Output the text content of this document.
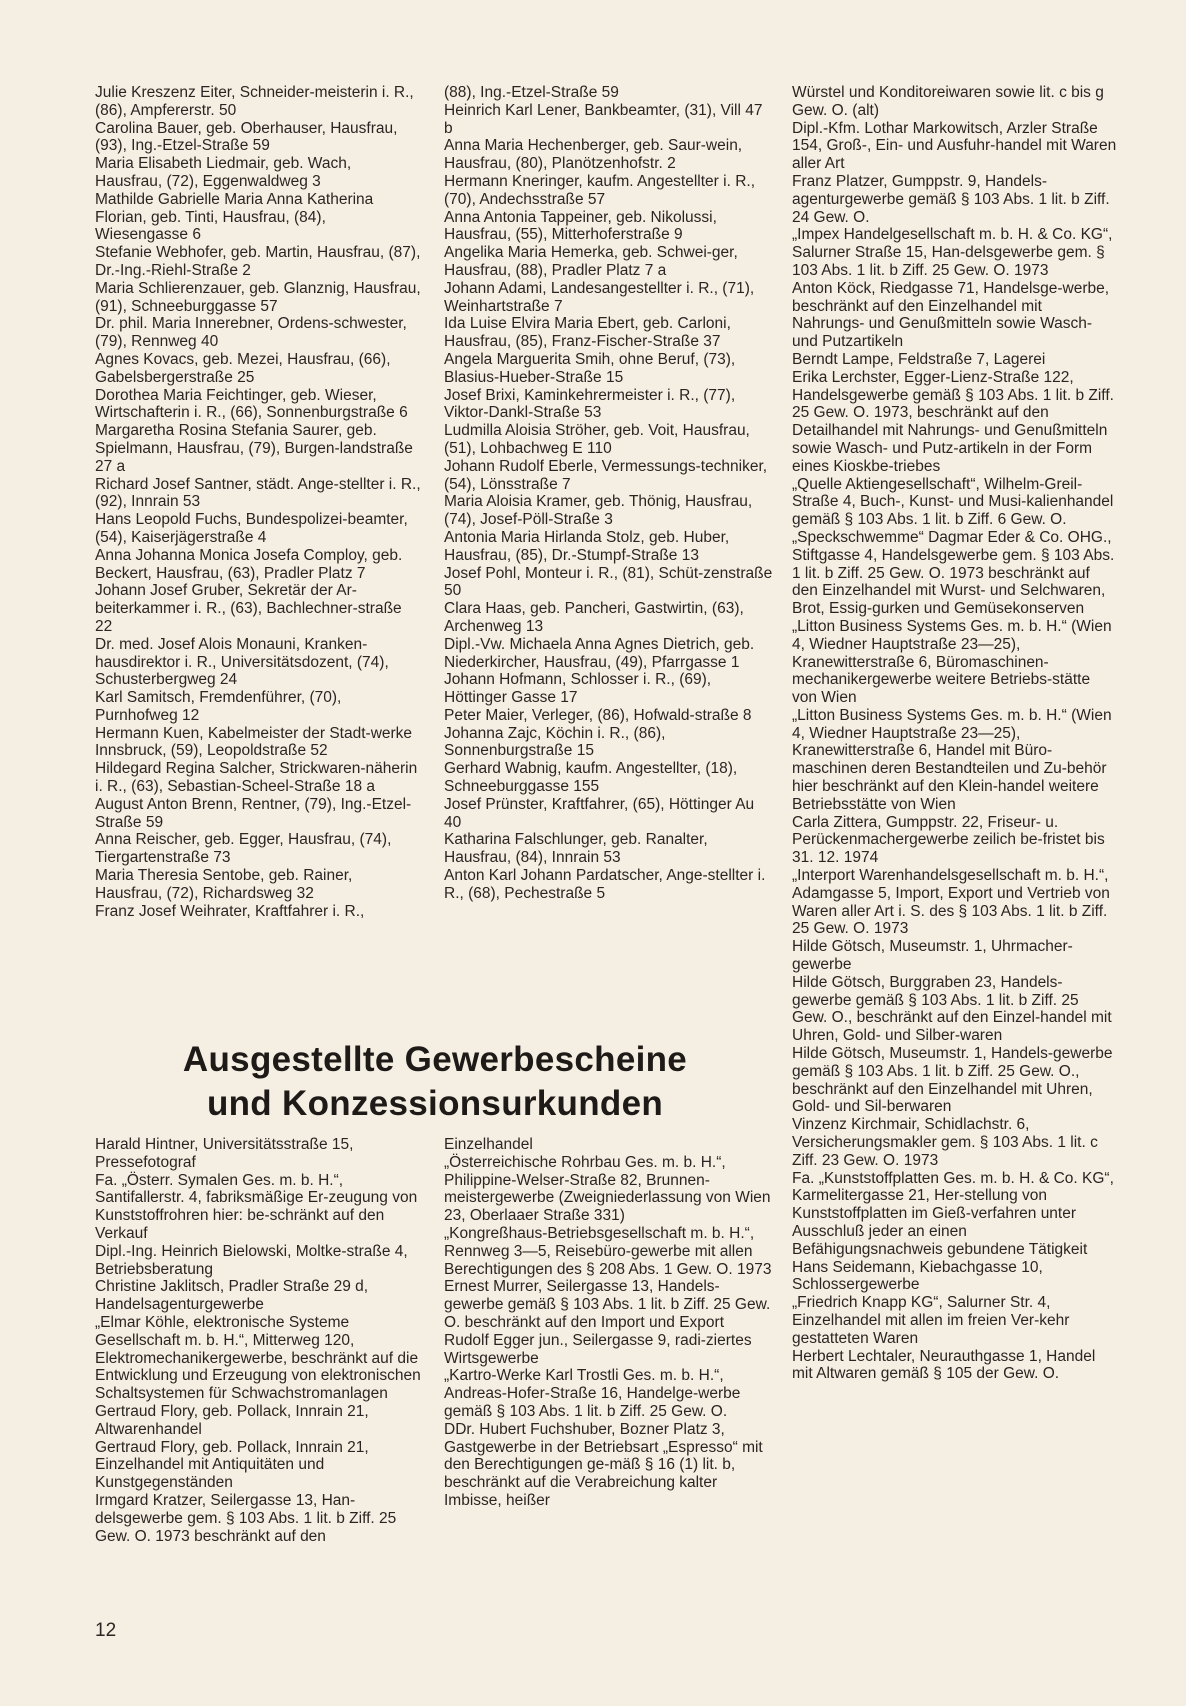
Julie Kreszenz Eiter, Schneider-meisterin i. R., (86), Ampfererstr. 50

Carolina Bauer, geb. Oberhauser, Hausfrau, (93), Ing.-Etzel-Straße 59

Maria Elisabeth Liedmair, geb. Wach, Hausfrau, (72), Eggenwaldweg 3

Mathilde Gabrielle Maria Anna Katherina Florian, geb. Tinti, Hausfrau, (84), Wiesengasse 6

Stefanie Webhofer, geb. Martin, Hausfrau, (87), Dr.-Ing.-Riehl-Straße 2

Maria Schlierenzauer, geb. Glanznig, Hausfrau, (91), Schneeburggasse 57

Dr. phil. Maria Innerebner, Ordens-schwester, (79), Rennweg 40

Agnes Kovacs, geb. Mezei, Hausfrau, (66), Gabelsbergerstraße 25

Dorothea Maria Feichtinger, geb. Wieser, Wirtschafterin i. R., (66), Sonnenburgstraße 6

Margaretha Rosina Stefania Saurer, geb. Spielmann, Hausfrau, (79), Burgen-landstraße 27 a

Richard Josef Santner, städt. Ange-stellter i. R., (92), Innrain 53

Hans Leopold Fuchs, Bundespolizei-beamter, (54), Kaiserjägerstraße 4

Anna Johanna Monica Josefa Comploy, geb. Beckert, Hausfrau, (63), Pradler Platz 7

Johann Josef Gruber, Sekretär der Ar-beiterkammer i. R., (63), Bachlechner-straße 22

Dr. med. Josef Alois Monauni, Kranken-hausdirektor i. R., Universitätsdozent, (74), Schusterbergweg 24

Karl Samitsch, Fremdenführer, (70), Purnhofweg 12

Hermann Kuen, Kabelmeister der Stadt-werke Innsbruck, (59), Leopoldstraße 52

Hildegard Regina Salcher, Strickwaren-näherin i. R., (63), Sebastian-Scheel-Straße 18 a

August Anton Brenn, Rentner, (79), Ing.-Etzel-Straße 59

Anna Reischer, geb. Egger, Hausfrau, (74), Tiergartenstraße 73

Maria Theresia Sentobe, geb. Rainer, Hausfrau, (72), Richardsweg 32

Franz Josef Weihrater, Kraftfahrer i. R.,

(88), Ing.-Etzel-Straße 59

Heinrich Karl Lener, Bankbeamter, (31), Vill 47 b

Anna Maria Hechenberger, geb. Saur-wein, Hausfrau, (80), Planötzenhofstr. 2

Hermann Kneringer, kaufm. Angestellter i. R., (70), Andechsstraße 57

Anna Antonia Tappeiner, geb. Nikolussi, Hausfrau, (55), Mitterhoferstraße 9

Angelika Maria Hemerka, geb. Schwei-ger, Hausfrau, (88), Pradler Platz 7 a

Johann Adami, Landesangestellter i. R., (71), Weinhartstraße 7

Ida Luise Elvira Maria Ebert, geb. Carloni, Hausfrau, (85), Franz-Fischer-Straße 37

Angela Marguerita Smih, ohne Beruf, (73), Blasius-Hueber-Straße 15

Josef Brixi, Kaminkehrermeister i. R., (77), Viktor-Dankl-Straße 53

Ludmilla Aloisia Ströher, geb. Voit, Hausfrau, (51), Lohbachweg E 110

Johann Rudolf Eberle, Vermessungs-techniker, (54), Lönsstraße 7

Maria Aloisia Kramer, geb. Thönig, Hausfrau, (74), Josef-Pöll-Straße 3

Antonia Maria Hirlanda Stolz, geb. Huber, Hausfrau, (85), Dr.-Stumpf-Straße 13

Josef Pohl, Monteur i. R., (81), Schüt-zenstraße 50

Clara Haas, geb. Pancheri, Gastwirtin, (63), Archenweg 13

Dipl.-Vw. Michaela Anna Agnes Dietrich, geb. Niederkircher, Hausfrau, (49), Pfarrgasse 1

Johann Hofmann, Schlosser i. R., (69), Höttinger Gasse 17

Peter Maier, Verleger, (86), Hofwald-straße 8

Johanna Zajc, Köchin i. R., (86), Sonnenburgstraße 15

Gerhard Wabnig, kaufm. Angestellter, (18), Schneeburggasse 155

Josef Prünster, Kraftfahrer, (65), Höttinger Au 40

Katharina Falschlunger, geb. Ranalter, Hausfrau, (84), Innrain 53

Anton Karl Johann Pardatscher, Ange-stellter i. R., (68), Pechestraße 5

Würstel und Konditoreiwaren sowie lit. c bis g Gew. O. (alt)

Dipl.-Kfm. Lothar Markowitsch, Arzler Straße 154, Groß-, Ein- und Ausfuhr-handel mit Waren aller Art

Franz Platzer, Gumppstr. 9, Handels-agenturgewerbe gemäß § 103 Abs. 1 lit. b Ziff. 24 Gew. O.

„Impex Handelgesellschaft m. b. H. & Co. KG“, Salurner Straße 15, Han-delsgewerbe gem. § 103 Abs. 1 lit. b Ziff. 25 Gew. O. 1973

Anton Köck, Riedgasse 71, Handelsge-werbe, beschränkt auf den Einzelhandel mit Nahrungs- und Genußmitteln sowie Wasch- und Putzartikeln

Berndt Lampe, Feldstraße 7, Lagerei

Erika Lerchster, Egger-Lienz-Straße 122, Handelsgewerbe gemäß § 103 Abs. 1 lit. b Ziff. 25 Gew. O. 1973, beschränkt auf den Detailhandel mit Nahrungs- und Genußmitteln sowie Wasch- und Putz-artikeln in der Form eines Kioskbe-triebes

„Quelle Aktiengesellschaft“, Wilhelm-Greil-Straße 4, Buch-, Kunst- und Musi-kalienhandel gemäß § 103 Abs. 1 lit. b Ziff. 6 Gew. O.

„Speckschwemme“ Dagmar Eder & Co. OHG., Stiftgasse 4, Handelsgewerbe gem. § 103 Abs. 1 lit. b Ziff. 25 Gew. O. 1973 beschränkt auf den Einzelhandel mit Wurst- und Selchwaren, Brot, Essig-gurken und Gemüsekonserven

„Litton Business Systems Ges. m. b. H.“ (Wien 4, Wiedner Hauptstraße 23—25), Kranewitterstraße 6, Büromaschinen-mechanikergewerbe weitere Betriebs-stätte von Wien

„Litton Business Systems Ges. m. b. H.“ (Wien 4, Wiedner Hauptstraße 23—25), Kranewitterstraße 6, Handel mit Büro-maschinen deren Bestandteilen und Zu-behör hier beschränkt auf den Klein-handel weitere Betriebsstätte von Wien

Carla Zittera, Gumppstr. 22, Friseur- u. Perückenmachergewerbe zeilich be-fristet bis 31. 12. 1974

„Interport Warenhandelsgesellschaft m. b. H.“, Adamgasse 5, Import, Export und Vertrieb von Waren aller Art i. S. des § 103 Abs. 1 lit. b Ziff. 25 Gew. O. 1973

Hilde Götsch, Museumstr. 1, Uhrmacher-gewerbe

Hilde Götsch, Burggraben 23, Handels-gewerbe gemäß § 103 Abs. 1 lit. b Ziff. 25 Gew. O., beschränkt auf den Einzel-handel mit Uhren, Gold- und Silber-waren

Hilde Götsch, Museumstr. 1, Handels-gewerbe gemäß § 103 Abs. 1 lit. b Ziff. 25 Gew. O., beschränkt auf den Einzelhandel mit Uhren, Gold- und Sil-berwaren

Vinzenz Kirchmair, Schidlachstr. 6, Versicherungsmakler gem. § 103 Abs. 1 lit. c Ziff. 23 Gew. O. 1973

Fa. „Kunststoffplatten Ges. m. b. H. & Co. KG“, Karmelitergasse 21, Her-stellung von Kunststoffplatten im Gieß-verfahren unter Ausschluß jeder an einen Befähigungsnachweis gebundene Tätigkeit

Hans Seidemann, Kiebachgasse 10, Schlossergewerbe

„Friedrich Knapp KG“, Salurner Str. 4, Einzelhandel mit allen im freien Ver-kehr gestatteten Waren

Herbert Lechtaler, Neurauthgasse 1, Handel mit Altwaren gemäß § 105 der Gew. O.

Ausgestellte Gewerbescheine
und Konzessionsurkunden

Harald Hintner, Universitätsstraße 15, Pressefotograf

Fa. „Österr. Symalen Ges. m. b. H.“, Santifallerstr. 4, fabriksmäßige Er-zeugung von Kunststoffrohren hier: be-schränkt auf den Verkauf

Dipl.-Ing. Heinrich Bielowski, Moltke-straße 4, Betriebsberatung

Christine Jaklitsch, Pradler Straße 29 d, Handelsagenturgewerbe

„Elmar Köhle, elektronische Systeme Gesellschaft m. b. H.“, Mitterweg 120, Elektromechanikergewerbe, beschränkt auf die Entwicklung und Erzeugung von elektronischen Schaltsystemen für Schwachstromanlagen

Gertraud Flory, geb. Pollack, Innrain 21, Altwarenhandel

Gertraud Flory, geb. Pollack, Innrain 21, Einzelhandel mit Antiquitäten und Kunstgegenständen

Irmgard Kratzer, Seilergasse 13, Han-delsgewerbe gem. § 103 Abs. 1 lit. b Ziff. 25 Gew. O. 1973 beschränkt auf den

Einzelhandel

„Österreichische Rohrbau Ges. m. b. H.“, Philippine-Welser-Straße 82, Brunnen-meistergewerbe (Zweigniederlassung von Wien 23, Oberlaaer Straße 331)

„Kongreßhaus-Betriebsgesellschaft m. b. H.“, Rennweg 3—5, Reisebüro-gewerbe mit allen Berechtigungen des § 208 Abs. 1 Gew. O. 1973

Ernest Murrer, Seilergasse 13, Handels-gewerbe gemäß § 103 Abs. 1 lit. b Ziff. 25 Gew. O. beschränkt auf den Import und Export

Rudolf Egger jun., Seilergasse 9, radi-ziertes Wirtsgewerbe

„Kartro-Werke Karl Trostli Ges. m. b. H.“, Andreas-Hofer-Straße 16, Handelge-werbe gemäß § 103 Abs. 1 lit. b Ziff. 25 Gew. O.

DDr. Hubert Fuchshuber, Bozner Platz 3, Gastgewerbe in der Betriebsart „Espresso“ mit den Berechtigungen ge-mäß § 16 (1) lit. b, beschränkt auf die Verabreichung kalter Imbisse, heißer

12
